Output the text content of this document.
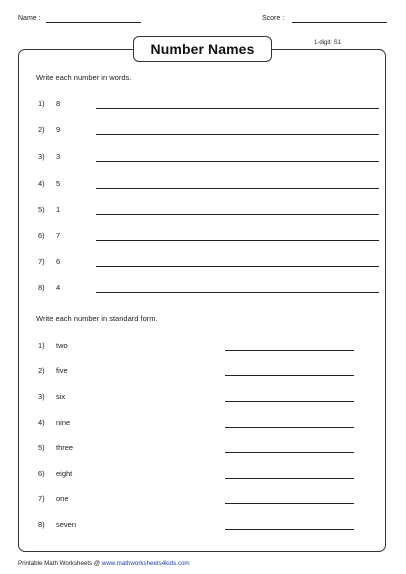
Name :	Score :
Number Names	1-digit: S1
Write each number in words.
1) 8
2) 9
3) 3
4) 5
5) 1
6) 7
7) 6
8) 4
Write each number in standard form.
1) two
2) five
3) six
4) nine
5) three
6) eight
7) one
8) seven
Printable Math Worksheets @ www.mathworksheets4kids.com
